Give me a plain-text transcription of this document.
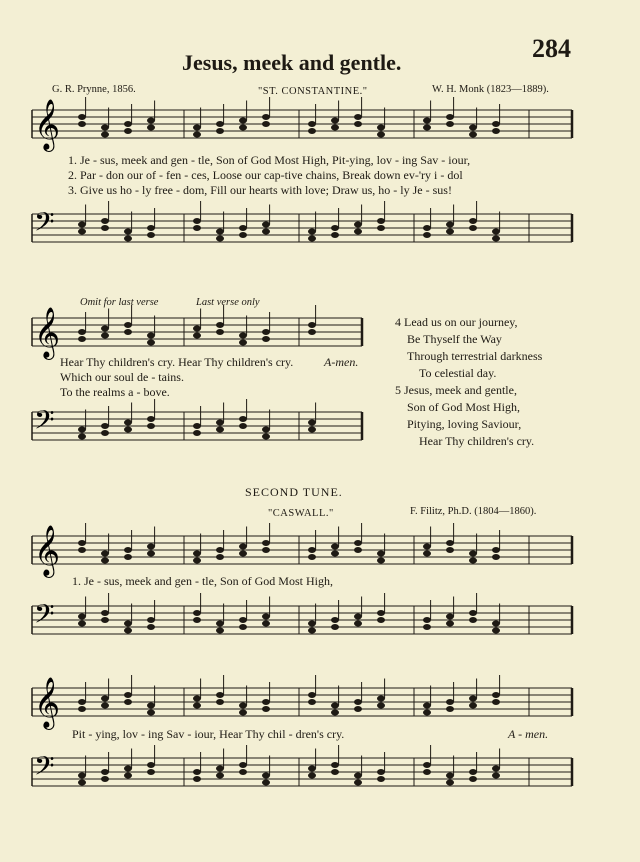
284
Jesus, meek and gentle.
G. R. Prynne, 1856.	"ST. CONSTANTINE."	W. H. Monk (1823—1889).
𝄞
1. Je - sus, meek and gen - tle, Son of God Most High, Pit-ying, lov - ing Sav - iour,
2. Par - don our of - fen - ces, Loose our cap-tive chains, Break down ev-'ry i - dol
3. Give us ho - ly free - dom, Fill our hearts with love; Draw us, ho - ly Je - sus!
𝄢
Omit for last verse	Last verse only
𝄞
Hear Thy children's cry. Hear Thy children's cry.	A-men.
Which our soul de - tains.
To the realms a - bove.
𝄢
4 Lead us on our journey,
Be Thyself the Way
Through terrestrial darkness
To celestial day.
5 Jesus, meek and gentle,
Son of God Most High,
Pitying, loving Saviour,
Hear Thy children's cry.
SECOND TUNE.
"CASWALL."	F. Filitz, Ph.D. (1804—1860).
𝄞
1. Je - sus, meek and gen - tle, Son of God Most High,
𝄢
𝄞
Pit - ying, lov - ing Sav - iour, Hear Thy chil - dren's cry.	A - men.
𝄢
